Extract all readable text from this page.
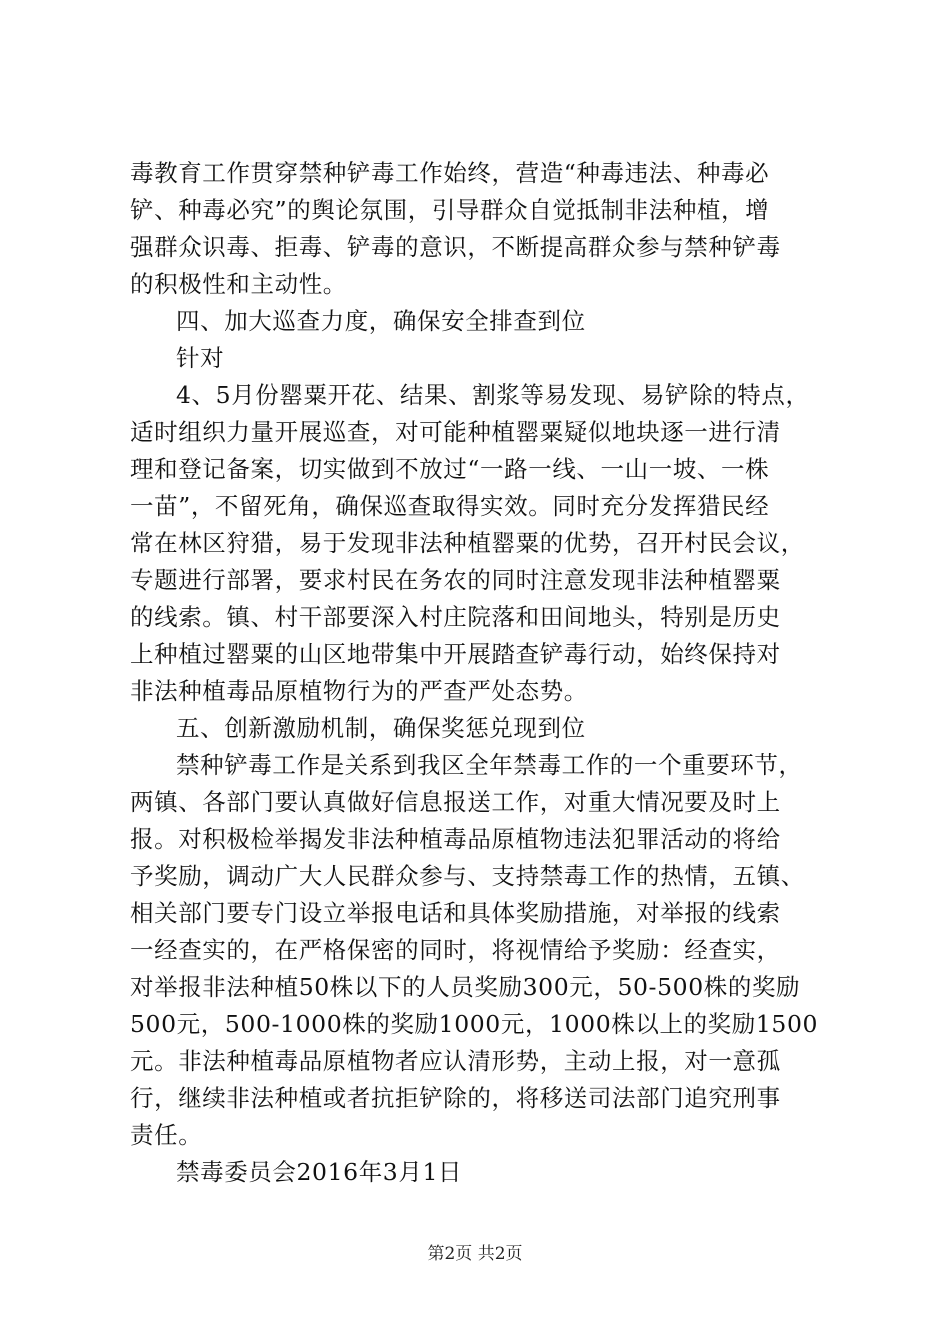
毒教育工作贯穿禁种铲毒工作始终，营造“种毒违法、种毒必
铲、种毒必究”的舆论氛围，引导群众自觉抵制非法种植，增
强群众识毒、拒毒、铲毒的意识，不断提高群众参与禁种铲毒
的积极性和主动性。
四、加大巡查力度，确保安全排查到位
针对
4、5月份罂粟开花、结果、割浆等易发现、易铲除的特点，
适时组织力量开展巡查，对可能种植罂粟疑似地块逐一进行清
理和登记备案，切实做到不放过“一路一线、一山一坡、一株
一苗”，不留死角，确保巡查取得实效。同时充分发挥猎民经
常在林区狩猎，易于发现非法种植罂粟的优势，召开村民会议，
专题进行部署，要求村民在务农的同时注意发现非法种植罂粟
的线索。镇、村干部要深入村庄院落和田间地头，特别是历史
上种植过罂粟的山区地带集中开展踏查铲毒行动，始终保持对
非法种植毒品原植物行为的严查严处态势。
五、创新激励机制，确保奖惩兑现到位
禁种铲毒工作是关系到我区全年禁毒工作的一个重要环节，
两镇、各部门要认真做好信息报送工作，对重大情况要及时上
报。对积极检举揭发非法种植毒品原植物违法犯罪活动的将给
予奖励，调动广大人民群众参与、支持禁毒工作的热情，五镇、
相关部门要专门设立举报电话和具体奖励措施，对举报的线索
一经查实的，在严格保密的同时，将视情给予奖励：经查实，
对举报非法种植50株以下的人员奖励300元，50-500株的奖励
500元，500-1000株的奖励1000元，1000株以上的奖励1500
元。非法种植毒品原植物者应认清形势，主动上报，对一意孤
行，继续非法种植或者抗拒铲除的，将移送司法部门追究刑事
责任。
禁毒委员会2016年3月1日
第2页 共2页
